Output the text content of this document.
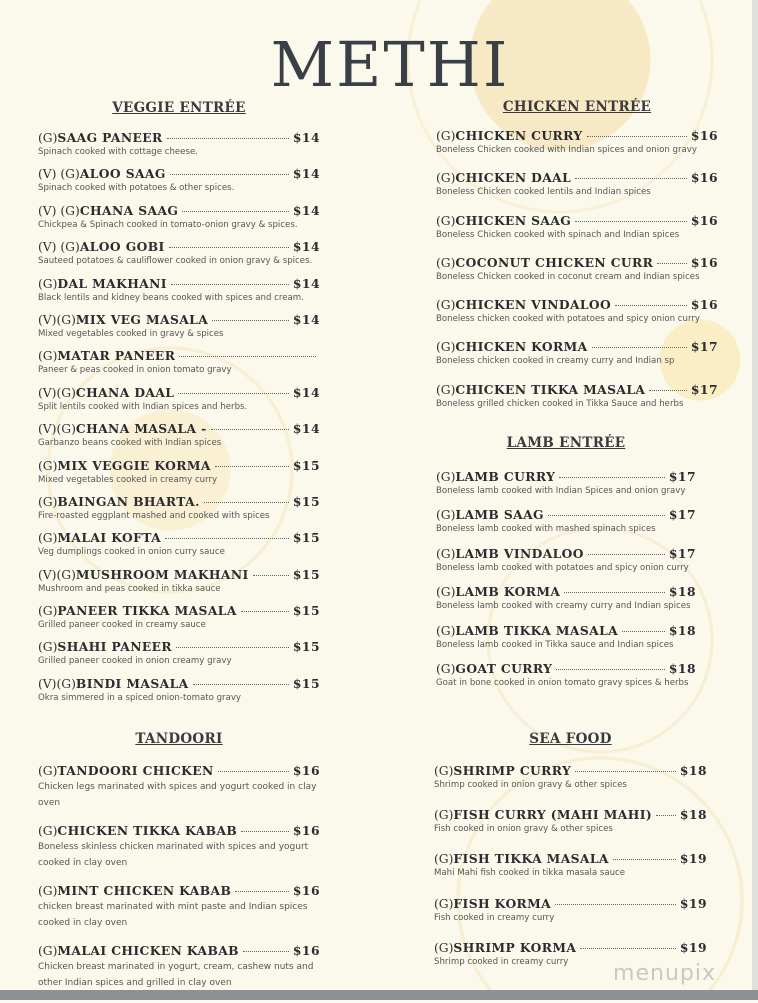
METHI
VEGGIE ENTRÉE
(G) SAAG PANEER	$14
Spinach cooked with cottage cheese.
(V) (G) ALOO SAAG	$14
Spinach cooked with potatoes & other spices.
(V) (G) CHANA SAAG	$14
Chickpea & Spinach cooked in tomato-onion gravy & spices.
(V) (G) ALOO GOBI	$14
Sauteed potatoes & cauliflower cooked in onion gravy & spices.
(G) DAL MAKHANI	$14
Black lentils and kidney beans cooked with spices and cream.
(V)(G) MIX VEG MASALA	$14
Mixed vegetables cooked in gravy & spices
(G) MATAR PANEER
Paneer & peas cooked in onion tomato gravy
(V)(G) CHANA DAAL	$14
Split lentils cooked with Indian spices and herbs.
(V)(G) CHANA MASALA -	$14
Garbanzo beans cooked with Indian spices
(G) MIX VEGGIE KORMA	$15
Mixed vegetables cooked in creamy curry
(G) BAINGAN BHARTA.	$15
Fire-roasted eggplant mashed and cooked with spices
(G) MALAI KOFTA	$15
Veg dumplings cooked in onion curry sauce
(V)(G) MUSHROOM MAKHANI	$15
Mushroom and peas cooked in tikka sauce
(G) PANEER TIKKA MASALA	$15
Grilled paneer cooked in creamy sauce
(G) SHAHI PANEER	$15
Grilled paneer cooked in onion creamy gravy
(V)(G) BINDI MASALA	$15
Okra simmered in a spiced onion-tomato gravy
TANDOORI
(G) TANDOORI CHICKEN	$16
Chicken legs marinated with spices and yogurt cooked in clay oven
(G) CHICKEN TIKKA KABAB	$16
Boneless skinless chicken marinated with spices and yogurt cooked in clay oven
(G) MINT CHICKEN KABAB	$16
chicken breast marinated with mint paste and Indian spices cooked in clay oven
(G) MALAI CHICKEN KABAB	$16
Chicken breast marinated in yogurt, cream, cashew nuts and other Indian spices and grilled in clay oven
CHICKEN ENTRÉE
(G) CHICKEN CURRY	$16
Boneless Chicken cooked with Indian spices and onion gravy
(G) CHICKEN DAAL	$16
Boneless Chicken cooked lentils and Indian spices
(G) CHICKEN SAAG	$16
Boneless Chicken cooked with spinach and Indian spices
(G) COCONUT CHICKEN CURR	$16
Boneless Chicken cooked in coconut cream and Indian spices
(G) CHICKEN VINDALOO	$16
Boneless chicken cooked with potatoes and spicy onion curry
(G) CHICKEN KORMA	$17
Boneless chicken cooked in creamy curry and Indian sp
(G) CHICKEN TIKKA MASALA	$17
Boneless grilled chicken cooked in Tikka Sauce and herbs
LAMB ENTRÉE
(G) LAMB CURRY	$17
Boneless lamb cooked with Indian Spices and onion gravy
(G) LAMB SAAG	$17
Boneless lamb cooked with mashed spinach spices
(G) LAMB VINDALOO	$17
Boneless lamb cooked with potatoes and spicy onion curry
(G) LAMB KORMA	$18
Boneless lamb cooked with creamy curry and Indian spices
(G) LAMB TIKKA MASALA	$18
Boneless lamb cooked in Tikka sauce and Indian spices
(G) GOAT CURRY	$18
Goat in bone cooked in onion tomato gravy spices & herbs
SEA FOOD
(G) SHRIMP CURRY	$18
Shrimp cooked in onion gravy & other spices
(G) FISH CURRY (MAHI MAHI) $18
Fish cooked in onion gravy & other spices
(G) FISH TIKKA MASALA	$19
Mahi Mahi fish cooked in tikka masala sauce
(G) FISH KORMA	$19
Fish cooked in creamy curry
(G) SHRIMP KORMA	$19
Shrimp cooked in creamy curry	menupix
